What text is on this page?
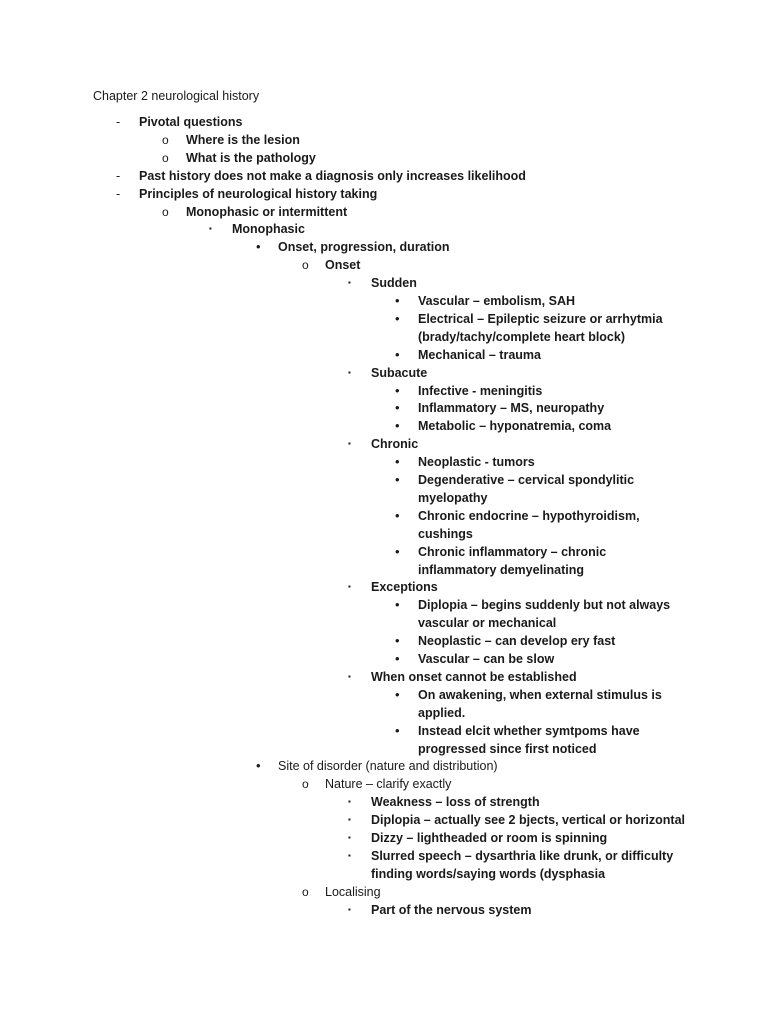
Chapter 2 neurological history
- Pivotal questions
o Where is the lesion
o What is the pathology
- Past history does not make a diagnosis only increases likelihood
- Principles of neurological history taking
o Monophasic or intermittent
▪ Monophasic
• Onset, progression, duration
o Onset
▪ Sudden
• Vascular – embolism, SAH
• Electrical – Epileptic seizure or arrhytmia
(brady/tachy/complete heart block)
• Mechanical – trauma
▪ Subacute
• Infective - meningitis
• Inflammatory – MS, neuropathy
• Metabolic – hyponatremia, coma
▪ Chronic
• Neoplastic - tumors
• Degenderative – cervical spondylitic
myelopathy
• Chronic endocrine – hypothyroidism,
cushings
• Chronic inflammatory – chronic
inflammatory demyelinating
▪ Exceptions
• Diplopia – begins suddenly but not always
vascular or mechanical
• Neoplastic – can develop ery fast
• Vascular – can be slow
▪ When onset cannot be established
• On awakening, when external stimulus is
applied.
• Instead elcit whether symtpoms have
progressed since first noticed
• Site of disorder (nature and distribution)
o Nature – clarify exactly
▪ Weakness – loss of strength
▪ Diplopia – actually see 2 bjects, vertical or horizontal
▪ Dizzy – lightheaded or room is spinning
▪ Slurred speech – dysarthria like drunk, or difficulty
finding words/saying words (dysphasia
o Localising
▪ Part of the nervous system
